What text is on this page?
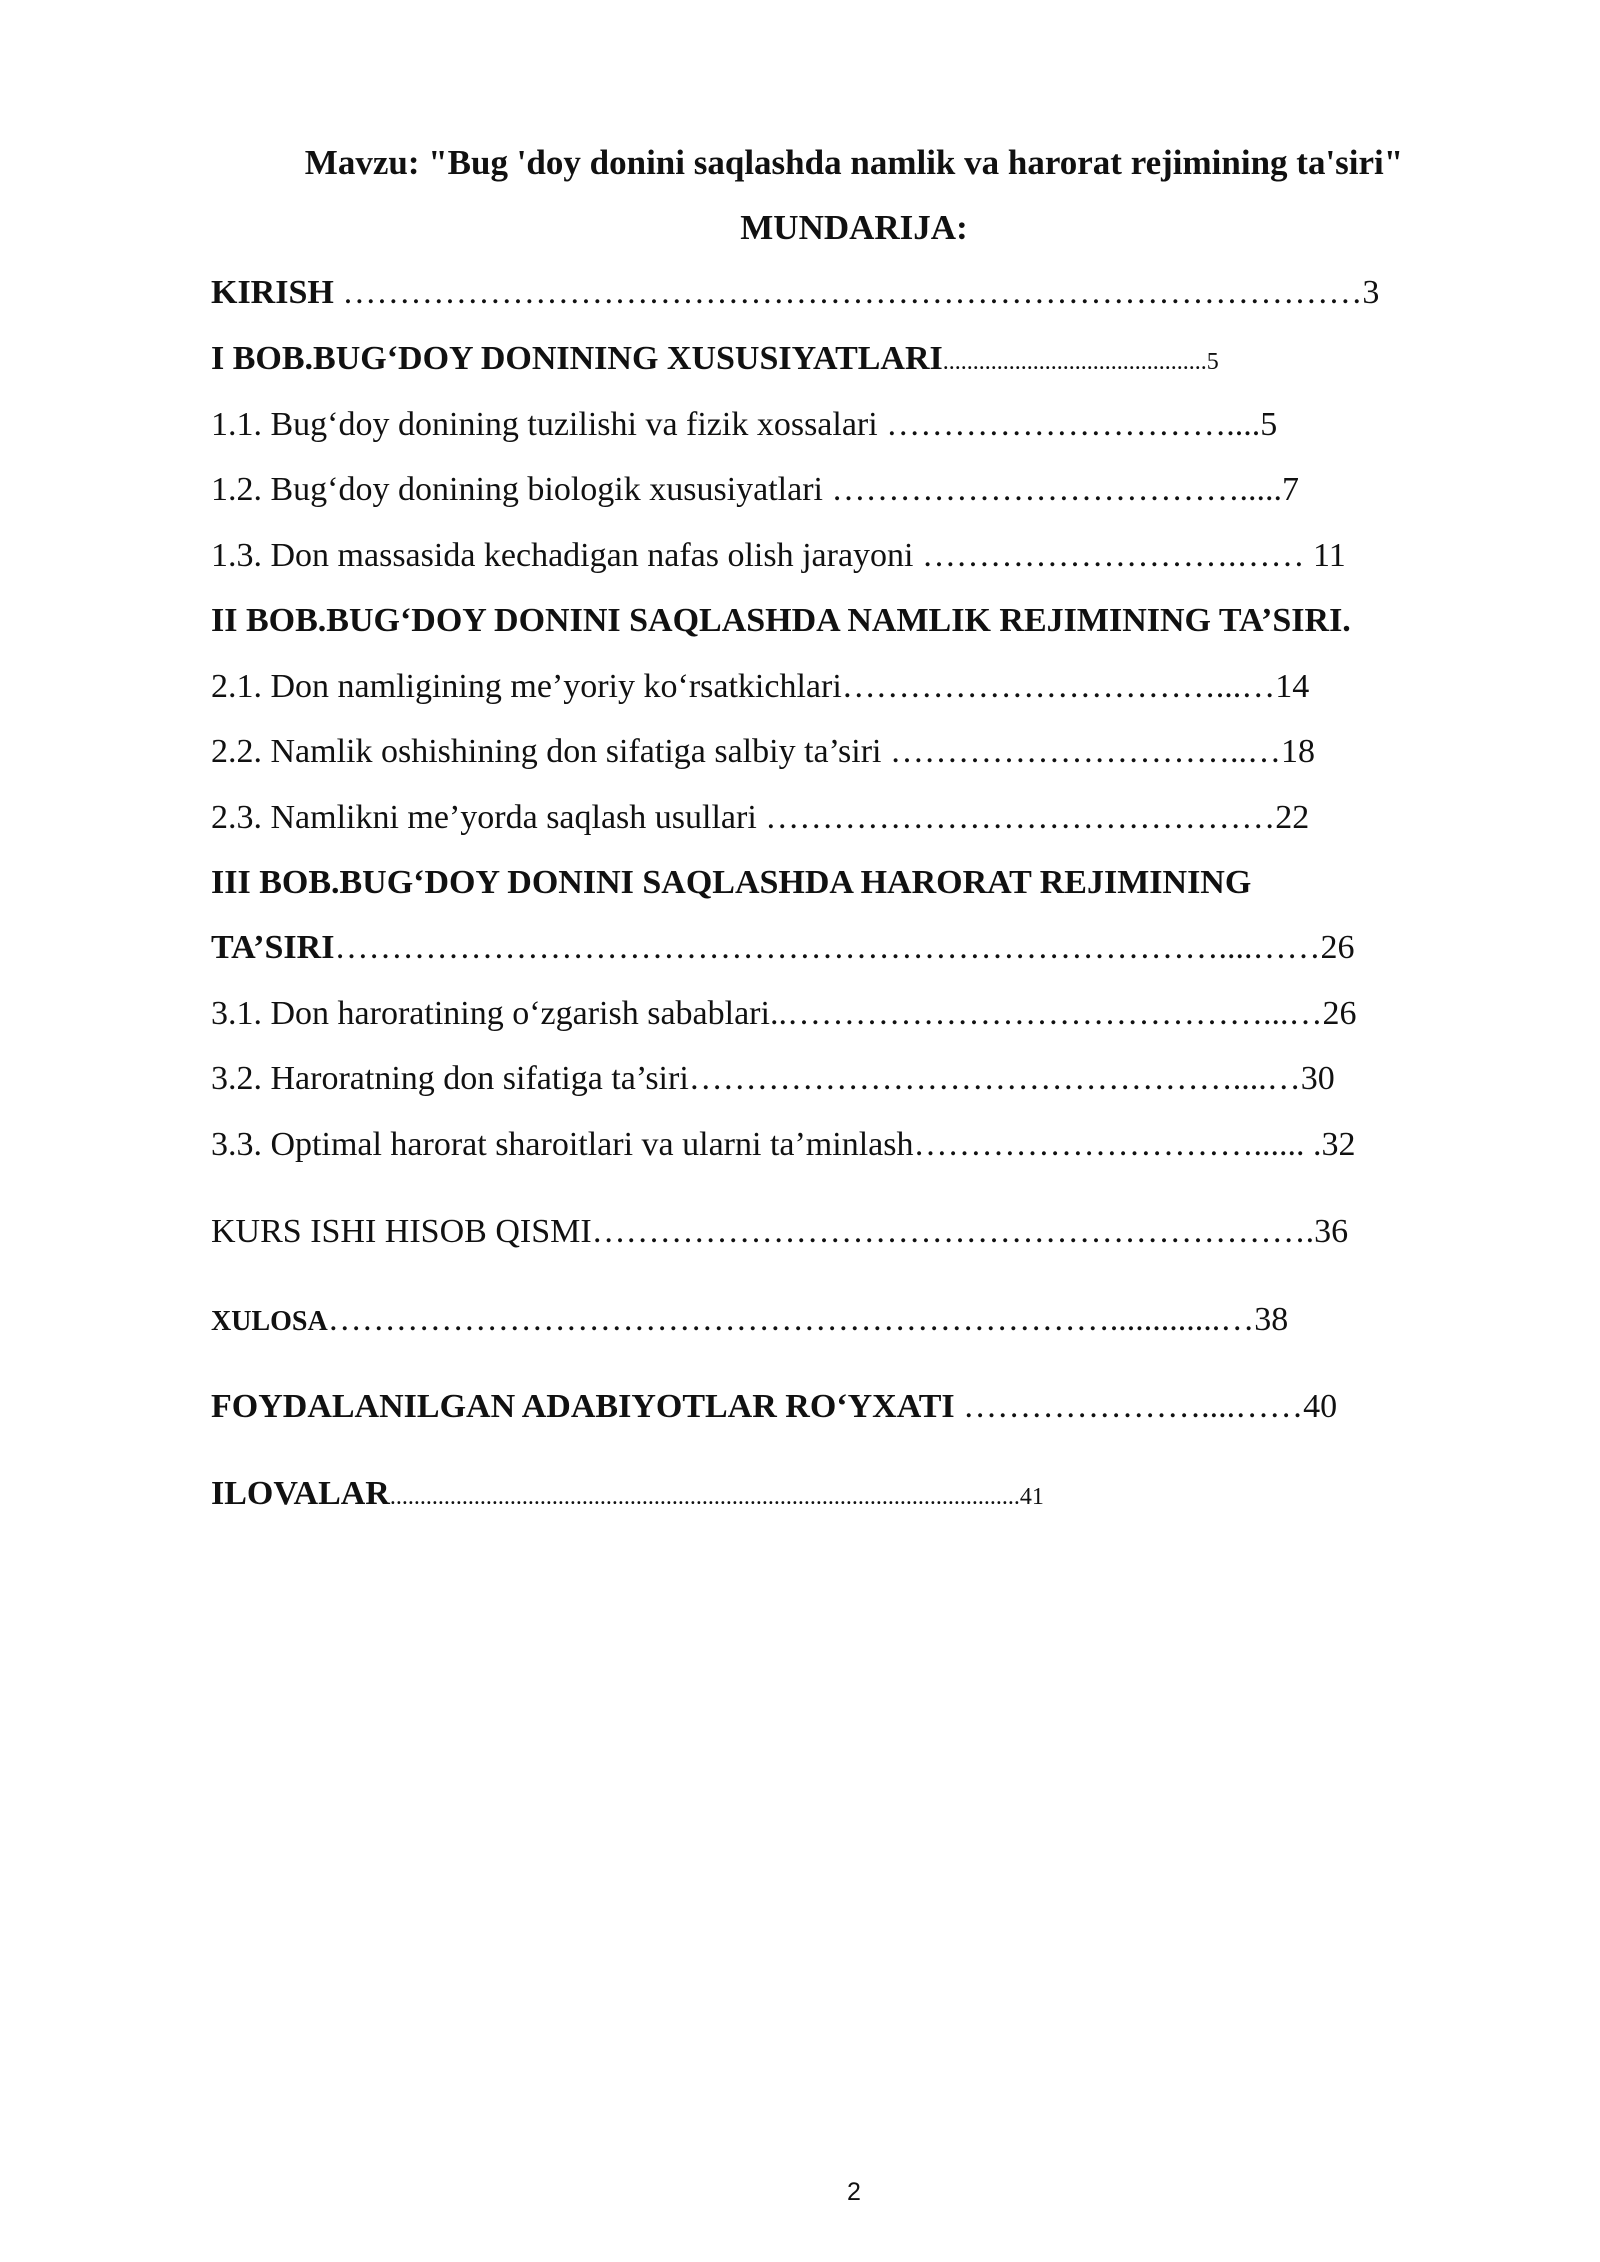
Mavzu: "Bug 'doy donini saqlashda namlik va harorat rejimining ta'siri"
MUNDARIJA:
KIRISH ………………………………………………………………………………3
I BOB.BUG‘DOY DONINING XUSUSIYATLARI............................................5
1.1. Bug‘doy donining tuzilishi va fizik xossalari …………………………....5
1.2. Bug‘doy donining biologik xususiyatlari ……………………………….....7
1.3. Don massasida kechadigan nafas olish jarayoni ……………………….…… 11
II BOB.BUG‘DOY DONINI SAQLASHDA NAMLIK REJIMINING TA’SIRI.
2.1. Don namligining me’yoriy ko‘rsatkichlari……………………………...…14
2.2. Namlik oshishining don sifatiga salbiy ta’siri …………………………..…18
2.3. Namlikni me’yorda saqlash usullari ………………………………………22
III BOB.BUG‘DOY DONINI SAQLASHDA HARORAT REJIMINING
TA’SIRI……………………………………………………………………....……26
3.1. Don haroratining o‘zgarish sabablari..……………………………………...…26
3.2. Haroratning don sifatiga ta’siri…………………………………………....…30
3.3. Optimal harorat sharoitlari va ularni ta’minlash…………………………...... .32
KURS ISHI HISOB QISMI……………………………………………………….36
XULOSA…………………………………………………………….............…38
FOYDALANILGAN ADABIYOTLAR RO‘YXATI …………………....……40
ILOVALAR.........................................................................................................41
2
